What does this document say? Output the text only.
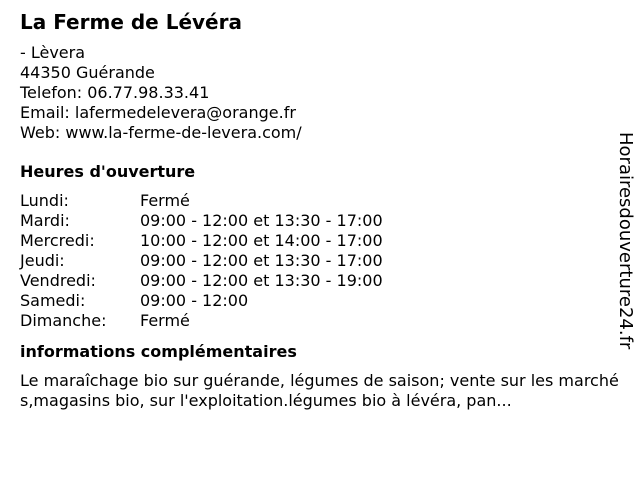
La Ferme de Lévéra
- Lèvera
44350 Guérande
Telefon: 06.77.98.33.41
Email: lafermedelevera@orange.fr
Web: www.la-ferme-de-levera.com/
Heures d'ouverture
Lundi:	Fermé
Mardi:	09:00 - 12:00 et 13:30 - 17:00
Mercredi:	10:00 - 12:00 et 14:00 - 17:00
Jeudi:	09:00 - 12:00 et 13:30 - 17:00
Vendredi:	09:00 - 12:00 et 13:30 - 19:00
Samedi:	09:00 - 12:00
Dimanche:	Fermé
informations complémentaires
Le maraîchage bio sur guérande, légumes de saison; vente sur les marchés,magasins bio, sur l'exploitation.légumes bio à lévéra, pan...
Horairesdouverture24.fr
